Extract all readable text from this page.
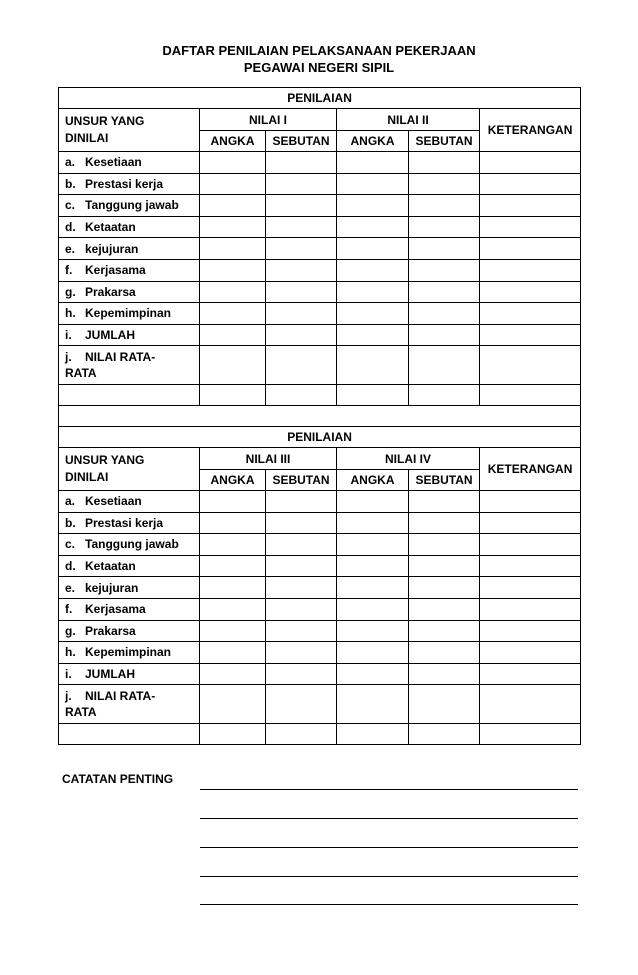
DAFTAR PENILAIAN PELAKSANAAN PEKERJAAN
PEGAWAI NEGERI SIPIL
PENILAIAN					

UNSUR YANG
DINILAI	NILAI I		NILAI II		KETERANGAN
	ANGKA	SEBUTAN	ANGKA	SEBUTAN	
a. Kesetiaan					
b. Prestasi kerja					
c. Tanggung jawab					
d. Ketaatan					
e. kejujuran					
f. Kerjasama					
g. Prakarsa					
h. Kepemimpinan					
i. JUMLAH					

j. NILAI RATA-
RATA					

PENILAIAN					

UNSUR YANG
DINILAI	NILAI III		NILAI IV		KETERANGAN
	ANGKA	SEBUTAN	ANGKA	SEBUTAN	
a. Kesetiaan					
b. Prestasi kerja					
c. Tanggung jawab					
d. Ketaatan					
e. kejujuran					
f. Kerjasama					
g. Prakarsa					
h. Kepemimpinan					
i. JUMLAH					

j. NILAI RATA-
RATA					

CATATAN PENTING
